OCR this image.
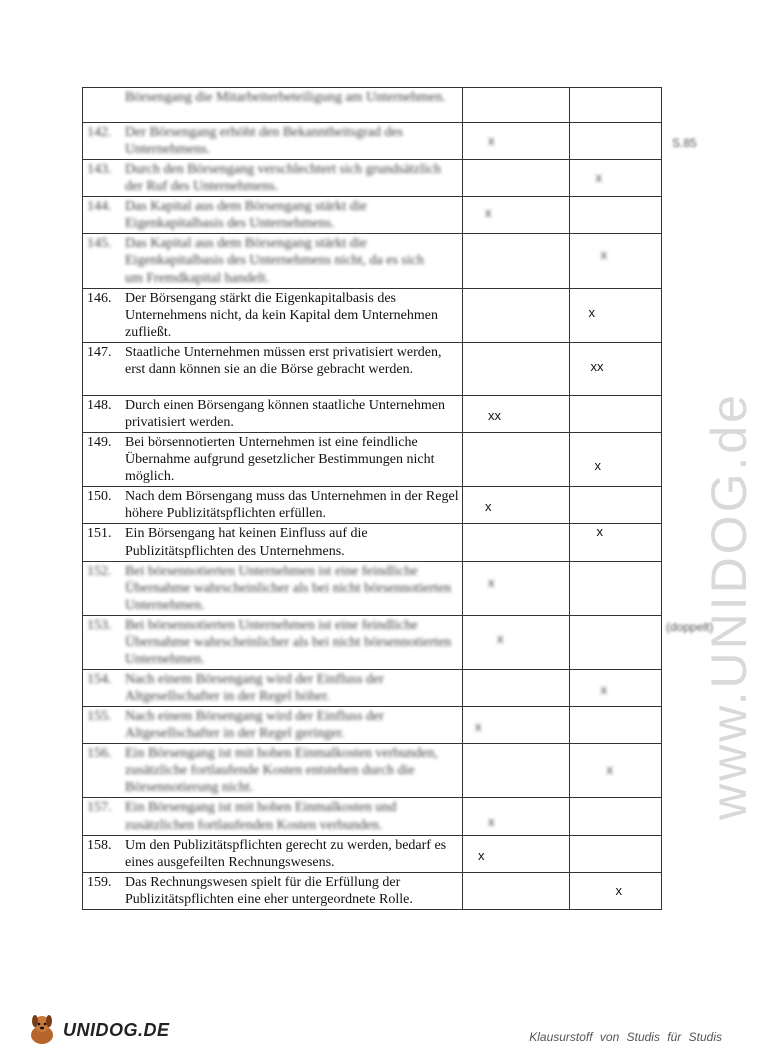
www.UNIDOG.de
S.85
(doppelt)
Börsengang die Mitarbeiterbeteiligung am Unternehmen.		

142. Der Börsengang erhöht den Bekanntheitsgrad des Unternehmens.	x	

143. Durch den Börsengang verschlechtert sich grundsätzlich der Ruf des Unternehmens.		x

144. Das Kapital aus dem Börsengang stärkt die Eigenkapitalbasis des Unternehmens.	x	

145. Das Kapital aus dem Börsengang stärkt die Eigenkapitalbasis des Unternehmens nicht, da es sich
um Fremdkapital handelt.		x

146. Der Börsengang stärkt die Eigenkapitalbasis des Unternehmens nicht, da kein Kapital dem Unternehmen zufließt.		x

147. Staatliche Unternehmen müssen erst privatisiert werden, erst dann können sie an die Börse gebracht werden.		xx

148. Durch einen Börsengang können staatliche Unternehmen privatisiert werden.	xx	

149. Bei börsennotierten Unternehmen ist eine feindliche Übernahme aufgrund gesetzlicher Bestimmungen nicht möglich.		x

150. Nach dem Börsengang muss das Unternehmen in der Regel höhere Publizitätspflichten erfüllen.	x	

151. Ein Börsengang hat keinen Einfluss auf die
Publizitätspflichten des Unternehmens.		x

152. Bei börsennotierten Unternehmen ist eine feindliche Übernahme wahrscheinlicher als bei nicht börsennotierten Unternehmen.	x	

153. Bei börsennotierten Unternehmen ist eine feindliche Übernahme wahrscheinlicher als bei nicht börsennotierten Unternehmen.	x	

154. Nach einem Börsengang wird der Einfluss der Altgesellschafter in der Regel höher.		x

155. Nach einem Börsengang wird der Einfluss der Altgesellschafter in der Regel geringer.	x	

156. Ein Börsengang ist mit hohen Einmalkosten verbunden, zusätzliche fortlaufende Kosten entstehen durch die Börsennotierung nicht.		x

157. Ein Börsengang ist mit hohen Einmalkosten und
zusätzlichen fortlaufenden Kosten verbunden.	x	

158. Um den Publizitätspflichten gerecht zu werden, bedarf es eines ausgefeilten Rechnungswesens.	x	

159. Das Rechnungswesen spielt für die Erfüllung der Publizitätspflichten eine eher untergeordnete Rolle.		x
UNIDOG.DE	Klausurstoff von Studis für Studis
